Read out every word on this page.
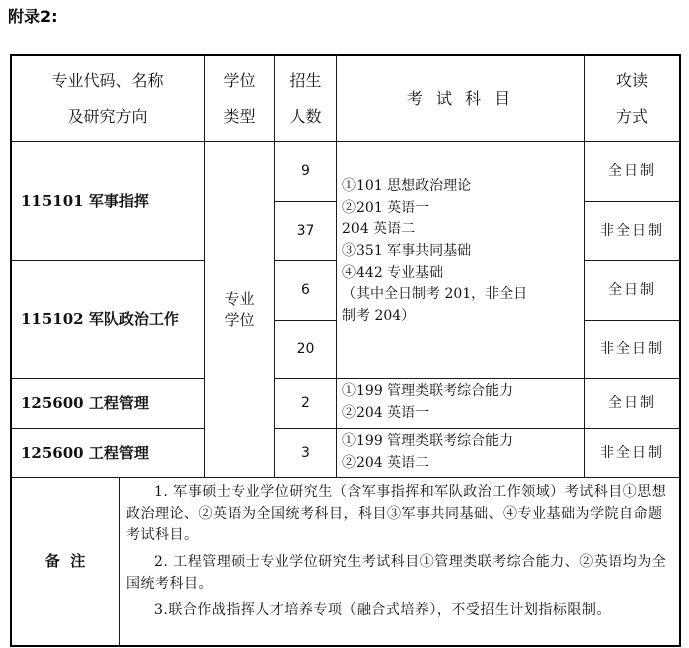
附录2:
专业代码、名称
及研究方向
学位
类型
招生
人数
考 试 科 目
攻读
方式
115101 军事指挥
115102 军队政治工作
125600 工程管理
125600 工程管理
专业
学位
9
37
6
20
2
3
①101 思想政治理论
②201 英语一
204 英语二
③351 军事共同基础
④442 专业基础
（其中全日制考 201，非全日
制考 204）
①199 管理类联考综合能力
②204 英语一
①199 管理类联考综合能力
②204 英语二
全日制
非全日制
全日制
非全日制
全日制
非全日制
备  注
1. 军事硕士专业学位研究生（含军事指挥和军队政治工作领域）考试科目①思想政治理论、②英语为全国统考科目，科目③军事共同基础、④专业基础为学院自命题考试科目。
2. 工程管理硕士专业学位研究生考试科目①管理类联考综合能力、②英语均为全国统考科目。
3.联合作战指挥人才培养专项（融合式培养），不受招生计划指标限制。
